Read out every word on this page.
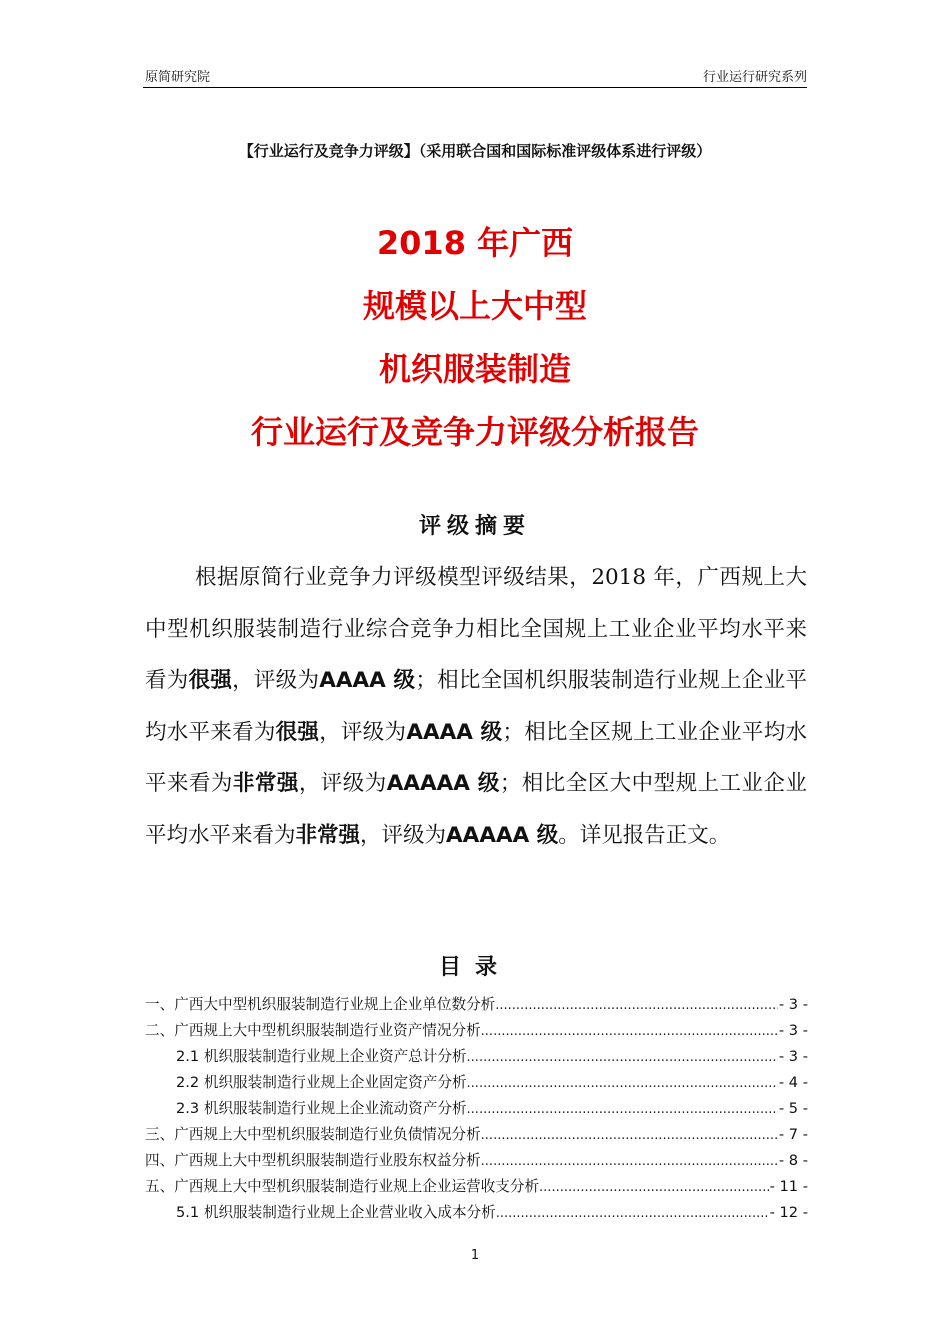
原简研究院	行业运行研究系列
【行业运行及竞争力评级】（采用联合国和国际标准评级体系进行评级）
2018 年广西
规模以上大中型
机织服装制造
行业运行及竞争力评级分析报告
评级摘要
根据原简行业竞争力评级模型评级结果，2018 年，广西规上大中型机织服装制造行业综合竞争力相比全国规上工业企业平均水平来看为很强，评级为AAAA 级；相比全国机织服装制造行业规上企业平均水平来看为很强，评级为AAAA 级；相比全区规上工业企业平均水平来看为非常强，评级为AAAAA 级；相比全区大中型规上工业企业平均水平来看为非常强，评级为AAAAA 级。详见报告正文。
目录
一、广西大中型机织服装制造行业规上企业单位数分析 .....	- 3 -
二、广西规上大中型机织服装制造行业资产情况分析 .....	- 3 -
2.1 机织服装制造行业规上企业资产总计分析 .....	- 3 -
2.2 机织服装制造行业规上企业固定资产分析 .....	- 4 -
2.3 机织服装制造行业规上企业流动资产分析 .....	- 5 -
三、广西规上大中型机织服装制造行业负债情况分析 .....	- 7 -
四、广西规上大中型机织服装制造行业股东权益分析 .....	- 8 -
五、广西规上大中型机织服装制造行业规上企业运营收支分析 .....	- 11 -
5.1 机织服装制造行业规上企业营业收入成本分析 .....	- 12 -
1
